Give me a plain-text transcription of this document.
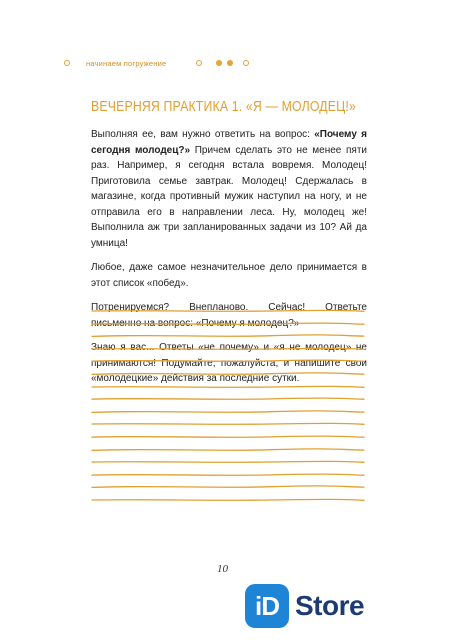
начинаем погружение
ВЕЧЕРНЯЯ ПРАКТИКА 1. «Я — МОЛОДЕЦ!»

Выполняя ее, вам нужно ответить на вопрос: «Почему я сегодня молодец?» Причем сделать это не менее пяти раз. Например, я сегодня встала вовремя. Молодец! Приготовила семье завтрак. Молодец! Сдержалась в магазине, когда противный мужик наступил на ногу, и не отправила его в направлении леса. Ну, молодец же! Выполнила аж три запланированных задачи из 10? Ай да умница!

Любое, даже самое незначительное дело принимается в этот список «побед».

Потренируемся? Внепланово. Сейчас! Ответьте письменно на вопрос: «Почему я молодец?»

Знаю я вас... Ответы «не почему» и «я не молодец» не принимаются! Подумайте, пожалуйста, и напишите свои «молодецкие» действия за последние сутки.

10
iD Store
